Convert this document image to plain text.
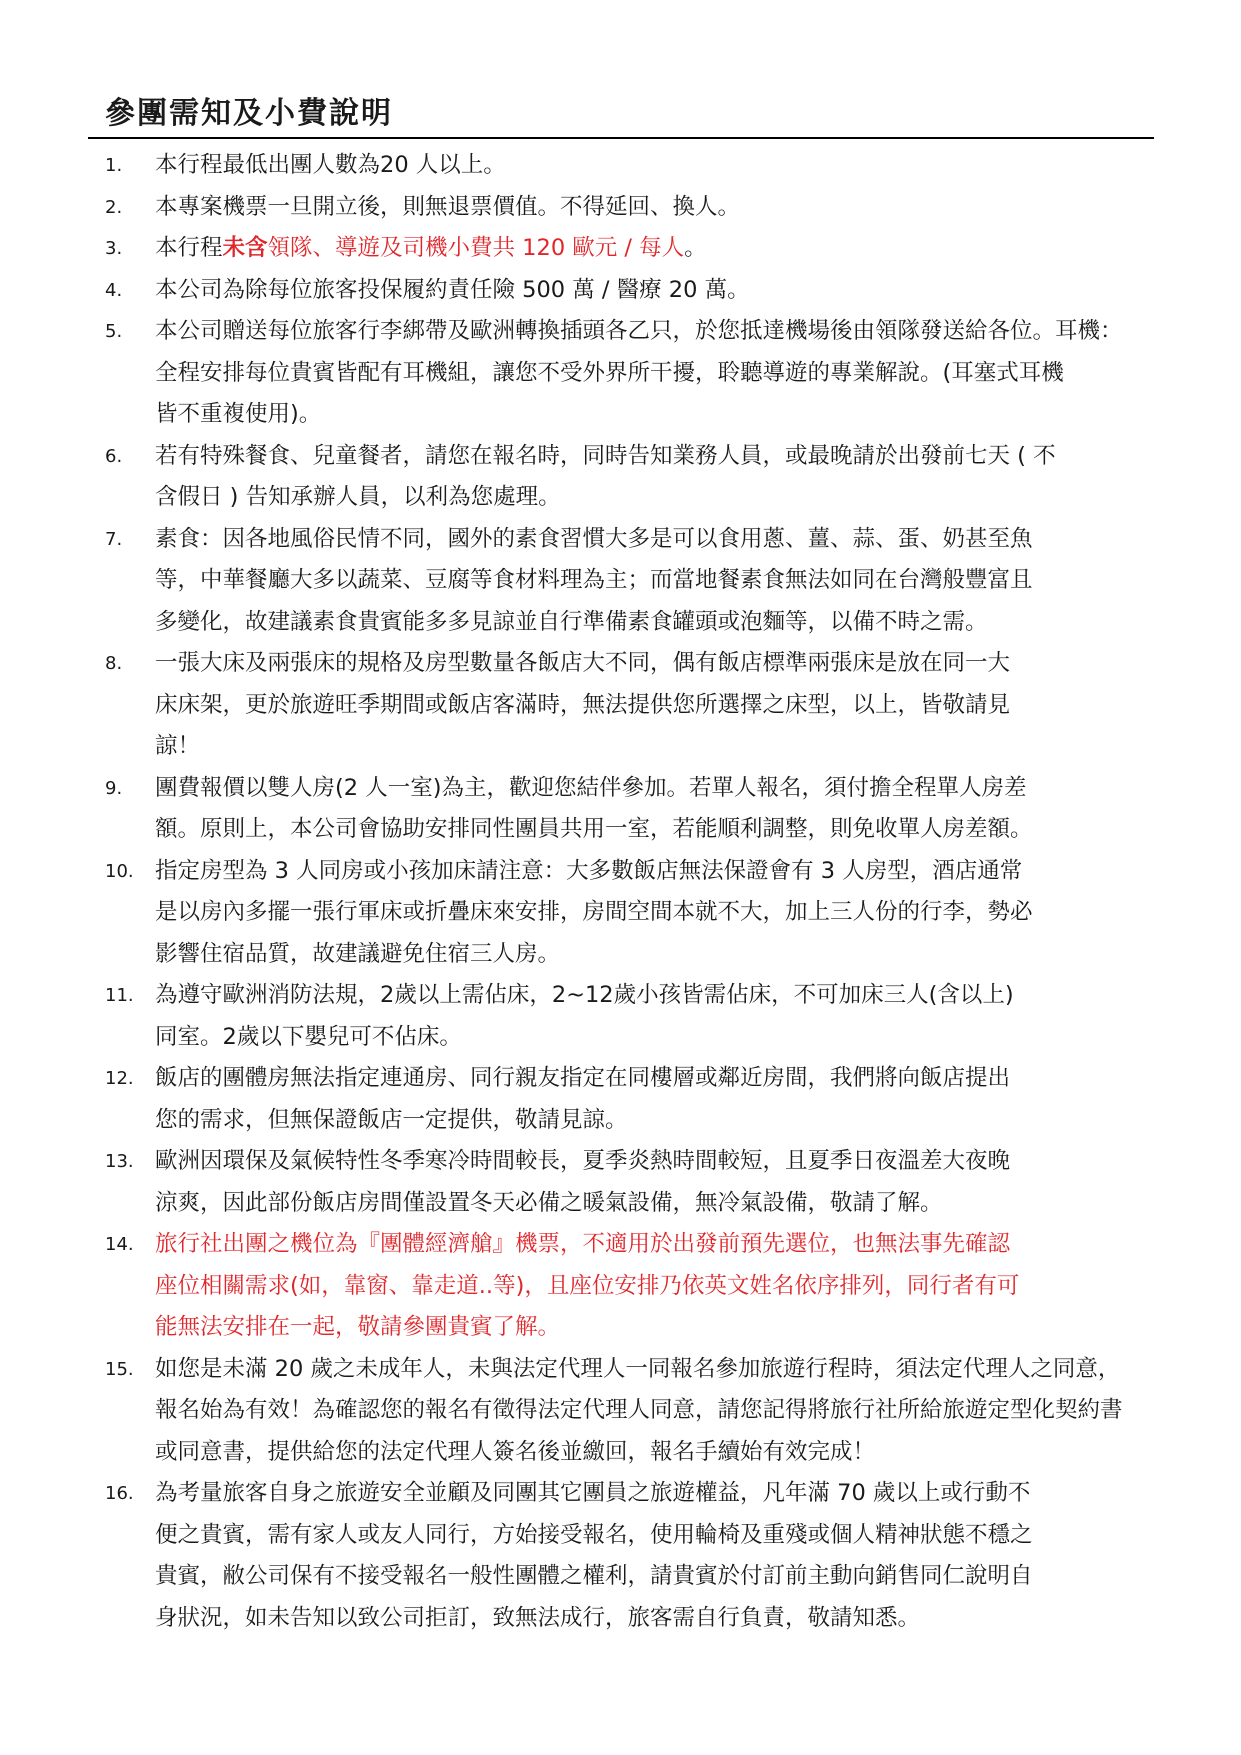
參團需知及小費說明
1.	本行程最低出團人數為20 人以上。
2.	本專案機票一旦開立後，則無退票價值。不得延回、換人。
3.	本行程未含領隊、導遊及司機小費共 120 歐元 / 每人。
4.	本公司為除每位旅客投保履約責任險 500 萬 / 醫療 20 萬。
5.	本公司贈送每位旅客行李綁帶及歐洲轉換插頭各乙只，於您抵達機場後由領隊發送給各位。耳機：
全程安排每位貴賓皆配有耳機組，讓您不受外界所干擾，聆聽導遊的專業解說。(耳塞式耳機
皆不重複使用)。
6.	若有特殊餐食、兒童餐者，請您在報名時，同時告知業務人員，或最晚請於出發前七天 ( 不
含假日 ) 告知承辦人員，以利為您處理。
7.	素食：因各地風俗民情不同，國外的素食習慣大多是可以食用蔥、薑、蒜、蛋、奶甚至魚
等，中華餐廳大多以蔬菜、豆腐等食材料理為主；而當地餐素食無法如同在台灣般豐富且
多變化，故建議素食貴賓能多多見諒並自行準備素食罐頭或泡麵等，以備不時之需。
8.	一張大床及兩張床的規格及房型數量各飯店大不同，偶有飯店標準兩張床是放在同一大
床床架，更於旅遊旺季期間或飯店客滿時，無法提供您所選擇之床型，以上，皆敬請見
諒！
9.	團費報價以雙人房(2 人一室)為主，歡迎您結伴參加。若單人報名，須付擔全程單人房差
額。原則上，本公司會協助安排同性團員共用一室，若能順利調整，則免收單人房差額。
10. 指定房型為 3 人同房或小孩加床請注意：大多數飯店無法保證會有 3 人房型，酒店通常
是以房內多擺一張行軍床或折疊床來安排，房間空間本就不大，加上三人份的行李，勢必
影響住宿品質，故建議避免住宿三人房。
11. 為遵守歐洲消防法規，2歲以上需佔床，2~12歲小孩皆需佔床，不可加床三人(含以上)
同室。2歲以下嬰兒可不佔床。
12. 飯店的團體房無法指定連通房、同行親友指定在同樓層或鄰近房間，我們將向飯店提出
您的需求，但無保證飯店一定提供，敬請見諒。
13. 歐洲因環保及氣候特性冬季寒冷時間較長，夏季炎熱時間較短，且夏季日夜溫差大夜晚
涼爽，因此部份飯店房間僅設置冬天必備之暖氣設備，無冷氣設備，敬請了解。
14. 旅行社出團之機位為『團體經濟艙』機票，不適用於出發前預先選位，也無法事先確認
座位相關需求(如，靠窗、靠走道..等)，且座位安排乃依英文姓名依序排列，同行者有可
能無法安排在一起，敬請參團貴賓了解。
15. 如您是未滿 20 歲之未成年人，未與法定代理人一同報名參加旅遊行程時，須法定代理人之同意，
報名始為有效！為確認您的報名有徵得法定代理人同意，請您記得將旅行社所給旅遊定型化契約書
或同意書，提供給您的法定代理人簽名後並繳回，報名手續始有效完成！
16. 為考量旅客自身之旅遊安全並顧及同團其它團員之旅遊權益，凡年滿 70 歲以上或行動不
便之貴賓，需有家人或友人同行，方始接受報名，使用輪椅及重殘或個人精神狀態不穩之
貴賓，敝公司保有不接受報名一般性團體之權利，請貴賓於付訂前主動向銷售同仁說明自
身狀況，如未告知以致公司拒訂，致無法成行，旅客需自行負責，敬請知悉。
